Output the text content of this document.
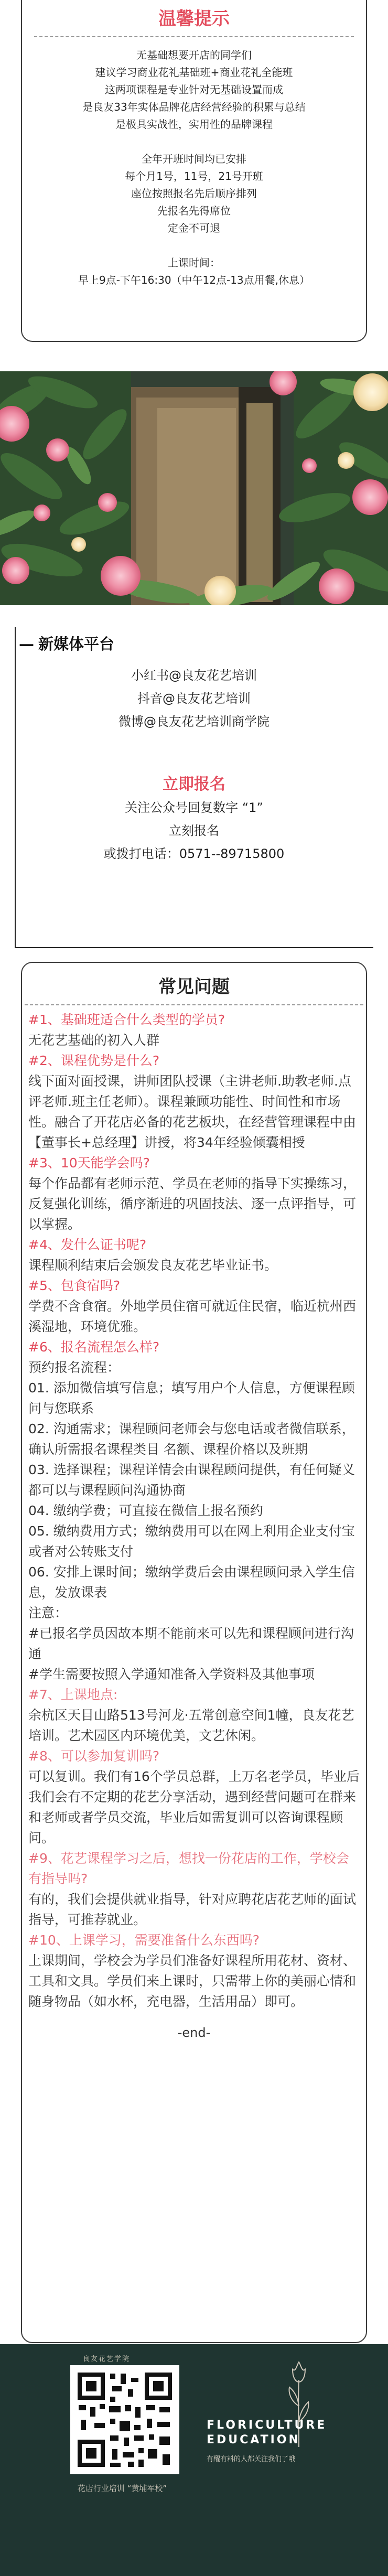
温馨提示
无基础想要开店的同学们
建议学习商业花礼基础班+商业花礼全能班
这两项课程是专业针对无基础设置而成
是良友33年实体品牌花店经营经验的积累与总结
是极具实战性，实用性的品牌课程
全年开班时间均已安排
每个月1号，11号，21号开班
座位按照报名先后顺序排列
先报名先得席位
定金不可退
上课时间：
早上9点-下午16:30（中午12点-13点用餐,休息）
— 新媒体平台
小红书@良友花艺培训
抖音@良友花艺培训
微博@良友花艺培训商学院
立即报名
关注公众号回复数字 “1”
立刻报名
或拨打电话：0571--89715800
常见问题
#1、基础班适合什么类型的学员?
无花艺基础的初入人群
#2、课程优势是什么?
线下面对面授课，讲师团队授课（主讲老师.助教老师.点评老师.班主任老师）。课程兼顾功能性、时间性和市场性。融合了开花店必备的花艺板块，在经营管理课程中由【董事长+总经理】讲授，将34年经验倾囊相授
#3、10天能学会吗?
每个作品都有老师示范、学员在老师的指导下实操练习，反复强化训练，循序渐进的巩固技法、逐一点评指导，可以掌握。
#4、发什么证书呢?
课程顺利结束后会颁发良友花艺毕业证书。
#5、包食宿吗?
学费不含食宿。外地学员住宿可就近住民宿，临近杭州西溪湿地，环境优雅。
#6、报名流程怎么样?
预约报名流程：
01. 添加微信填写信息；填写用户个人信息，方便课程顾问与您联系
02. 沟通需求；课程顾问老师会与您电话或者微信联系，确认所需报名课程类目 名额、课程价格以及班期
03. 选择课程；课程详情会由课程顾问提供，有任何疑义都可以与课程顾问沟通协商
04. 缴纳学费；可直接在微信上报名预约
05. 缴纳费用方式；缴纳费用可以在网上利用企业支付宝或者对公转账支付
06. 安排上课时间；缴纳学费后会由课程顾问录入学生信息，发放课表
注意：
#已报名学员因故本期不能前来可以先和课程顾问进行沟通
#学生需要按照入学通知准备入学资料及其他事项
#7、上课地点:
余杭区天目山路513号河龙·五常创意空间1幢，良友花艺培训。艺术园区内环境优美，文艺休闲。
#8、可以参加复训吗?
可以复训。我们有16个学员总群，上万名老学员，毕业后我们会有不定期的花艺分享活动，遇到经营问题可在群来和老师或者学员交流，毕业后如需复训可以咨询课程顾问。
#9、花艺课程学习之后，想找一份花店的工作，学校会有指导吗?
有的，我们会提供就业指导，针对应聘花店花艺师的面试指导，可推荐就业。
#10、上课学习，需要准备什么东西吗?
上课期间，学校会为学员们准备好课程所用花材、资材、工具和文具。学员们来上课时，只需带上你的美丽心情和随身物品（如水杯，充电器，生活用品）即可。
-end-
良友花艺学院
花店行业培训 “黄埔军校”
FLORICULTURE
EDUCATION
有醒有料的人都关注我们了哦
